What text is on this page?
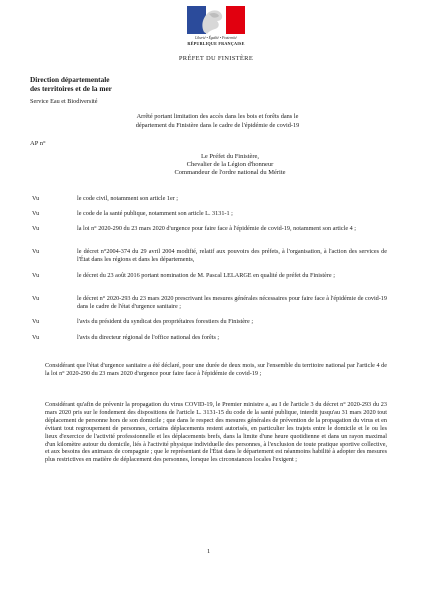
Liberté • Égalité • Fraternité
RÉPUBLIQUE FRANÇAISE
PRÉFET DU FINISTÈRE
Direction départementale
des territoires et de la mer
Service Eau et Biodiversité
Arrêté portant limitation des accès dans les bois et forêts dans le
département du Finistère dans le cadre de l'épidémie de covid-19
AP n°
Le Préfet du Finistère,
Chevalier de la Légion d'honneur
Commandeur de l'ordre national du Mérite
Vu	le code civil, notamment son article 1er ;
Vu	le code de la santé publique, notamment son article L. 3131-1 ;
Vu	la loi n° 2020-290 du 23 mars 2020 d'urgence pour faire face à l'épidémie de covid-19, notamment son article 4 ;
Vu	le décret n°2004-374 du 29 avril 2004 modifié, relatif aux pouvoirs des préfets, à l'organisation, à l'action des services de l'État dans les régions et dans les départements,
Vu	le décret du 23 août 2016 portant nomination de M. Pascal LELARGE en qualité de préfet du Finistère ;
Vu	le décret n° 2020-293 du 23 mars 2020 prescrivant les mesures générales nécessaires pour faire face à l'épidémie de covid-19 dans le cadre de l'état d'urgence sanitaire ;
Vu	l'avis du président du syndicat des propriétaires forestiers du Finistère ;
Vu	l'avis du directeur régional de l'office national des forêts ;
Considérant que l'état d'urgence sanitaire a été déclaré, pour une durée de deux mois, sur l'ensemble du territoire national par l'article 4 de la loi n° 2020-290 du 23 mars 2020 d'urgence pour faire face à l'épidémie de covid-19 ;
Considérant qu'afin de prévenir la propagation du virus COVID-19, le Premier ministre a, au I de l'article 3 du décret n° 2020-293 du 23 mars 2020 pris sur le fondement des dispositions de l'article L. 3131-15 du code de la santé publique, interdit jusqu'au 31 mars 2020 tout déplacement de personne hors de son domicile ; que dans le respect des mesures générales de prévention de la propagation du virus et en évitant tout regroupement de personnes, certains déplacements restent autorisés, en particulier les trajets entre le domicile et le ou les lieux d'exercice de l'activité professionnelle et les déplacements brefs, dans la limite d'une heure quotidienne et dans un rayon maximal d'un kilomètre autour du domicile, liés à l'activité physique individuelle des personnes, à l'exclusion de toute pratique sportive collective, et aux besoins des animaux de compagnie ; que le représentant de l'État dans le département est néanmoins habilité à adopter des mesures plus restrictives en matière de déplacement des personnes, lorsque les circonstances locales l'exigent ;
1
